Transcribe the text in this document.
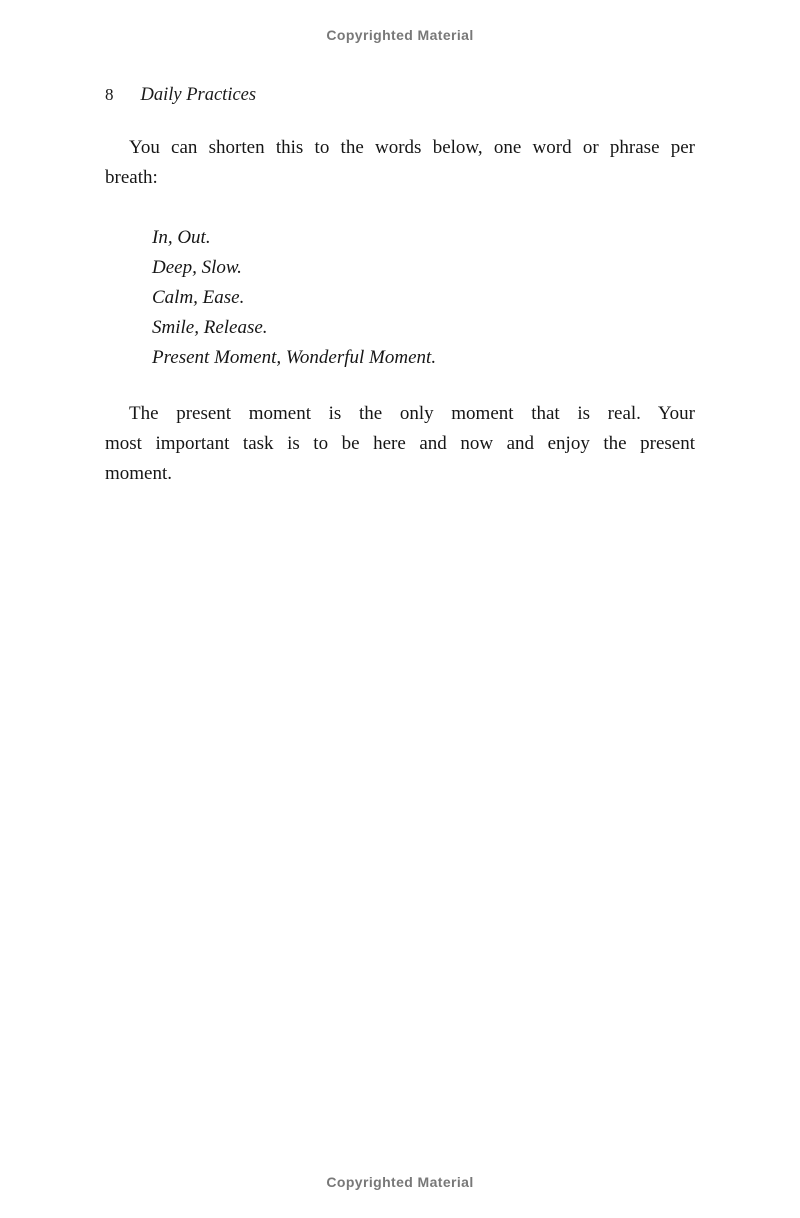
Copyrighted Material
8 Daily Practices
You can shorten this to the words below, one word or phrase per
breath:
In, Out.
Deep, Slow.
Calm, Ease.
Smile, Release.
Present Moment, Wonderful Moment.
The present moment is the only moment that is real. Your
most important task is to be here and now and enjoy the present
moment.
Copyrighted Material
